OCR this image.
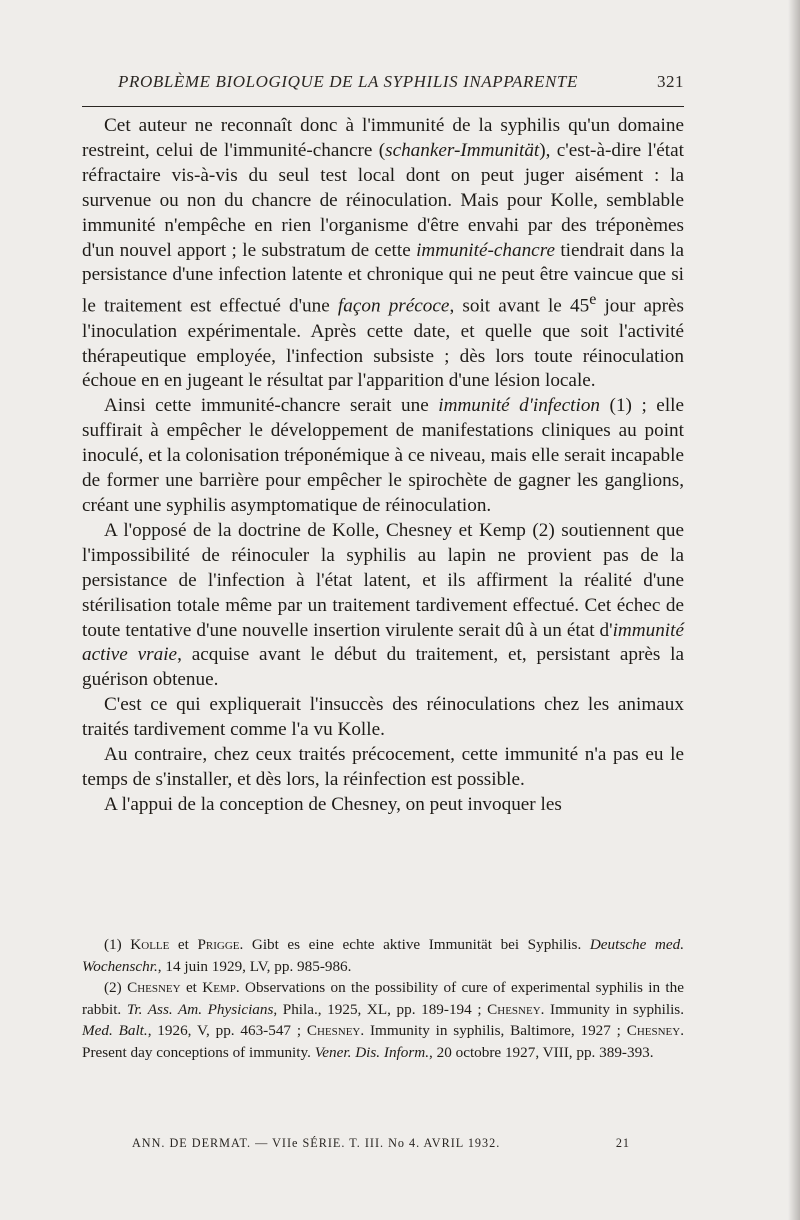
PROBLÈME BIOLOGIQUE DE LA SYPHILIS INAPPARENTE	321

Cet auteur ne reconnaît donc à l'immunité de la syphilis qu'un domaine restreint, celui de l'immunité-chancre (schanker-Immunität), c'est-à-dire l'état réfractaire vis-à-vis du seul test local dont on peut juger aisément : la survenue ou non du chancre de réinoculation. Mais pour Kolle, semblable immunité n'empêche en rien l'organisme d'être envahi par des tréponèmes d'un nouvel apport ; le substratum de cette immunité-chancre tiendrait dans la persistance d'une infection latente et chronique qui ne peut être vaincue que si le traitement est effectué d'une façon précoce, soit avant le 45e jour après l'inoculation expérimentale. Après cette date, et quelle que soit l'activité thérapeutique employée, l'infection subsiste ; dès lors toute réinoculation échoue en en jugeant le résultat par l'apparition d'une lésion locale.

Ainsi cette immunité-chancre serait une immunité d'infection (1) ; elle suffirait à empêcher le développement de manifestations cliniques au point inoculé, et la colonisation tréponémique à ce niveau, mais elle serait incapable de former une barrière pour empêcher le spirochète de gagner les ganglions, créant une syphilis asymptomatique de réinoculation.

A l'opposé de la doctrine de Kolle, Chesney et Kemp (2) soutiennent que l'impossibilité de réinoculer la syphilis au lapin ne provient pas de la persistance de l'infection à l'état latent, et ils affirment la réalité d'une stérilisation totale même par un traitement tardivement effectué. Cet échec de toute tentative d'une nouvelle insertion virulente serait dû à un état d'immunité active vraie, acquise avant le début du traitement, et, persistant après la guérison obtenue.

C'est ce qui expliquerait l'insuccès des réinoculations chez les animaux traités tardivement comme l'a vu Kolle.

Au contraire, chez ceux traités précocement, cette immunité n'a pas eu le temps de s'installer, et dès lors, la réinfection est possible.

A l'appui de la conception de Chesney, on peut invoquer les

(1) Kolle et Prigge. Gibt es eine echte aktive Immunität bei Syphilis. Deutsche med. Wochenschr., 14 juin 1929, LV, pp. 985-986.

(2) Chesney et Kemp. Observations on the possibility of cure of experimental syphilis in the rabbit. Tr. Ass. Am. Physicians, Phila., 1925, XL, pp. 189-194 ; Chesney. Immunity in syphilis. Med. Balt., 1926, V, pp. 463-547 ; Chesney. Immunity in syphilis, Baltimore, 1927 ; Chesney. Present day conceptions of immunity. Vener. Dis. Inform., 20 octobre 1927, VIII, pp. 389-393.

ANN. DE DERMAT. — VIIe SÉRIE. T. III. No 4. AVRIL 1932.	21
